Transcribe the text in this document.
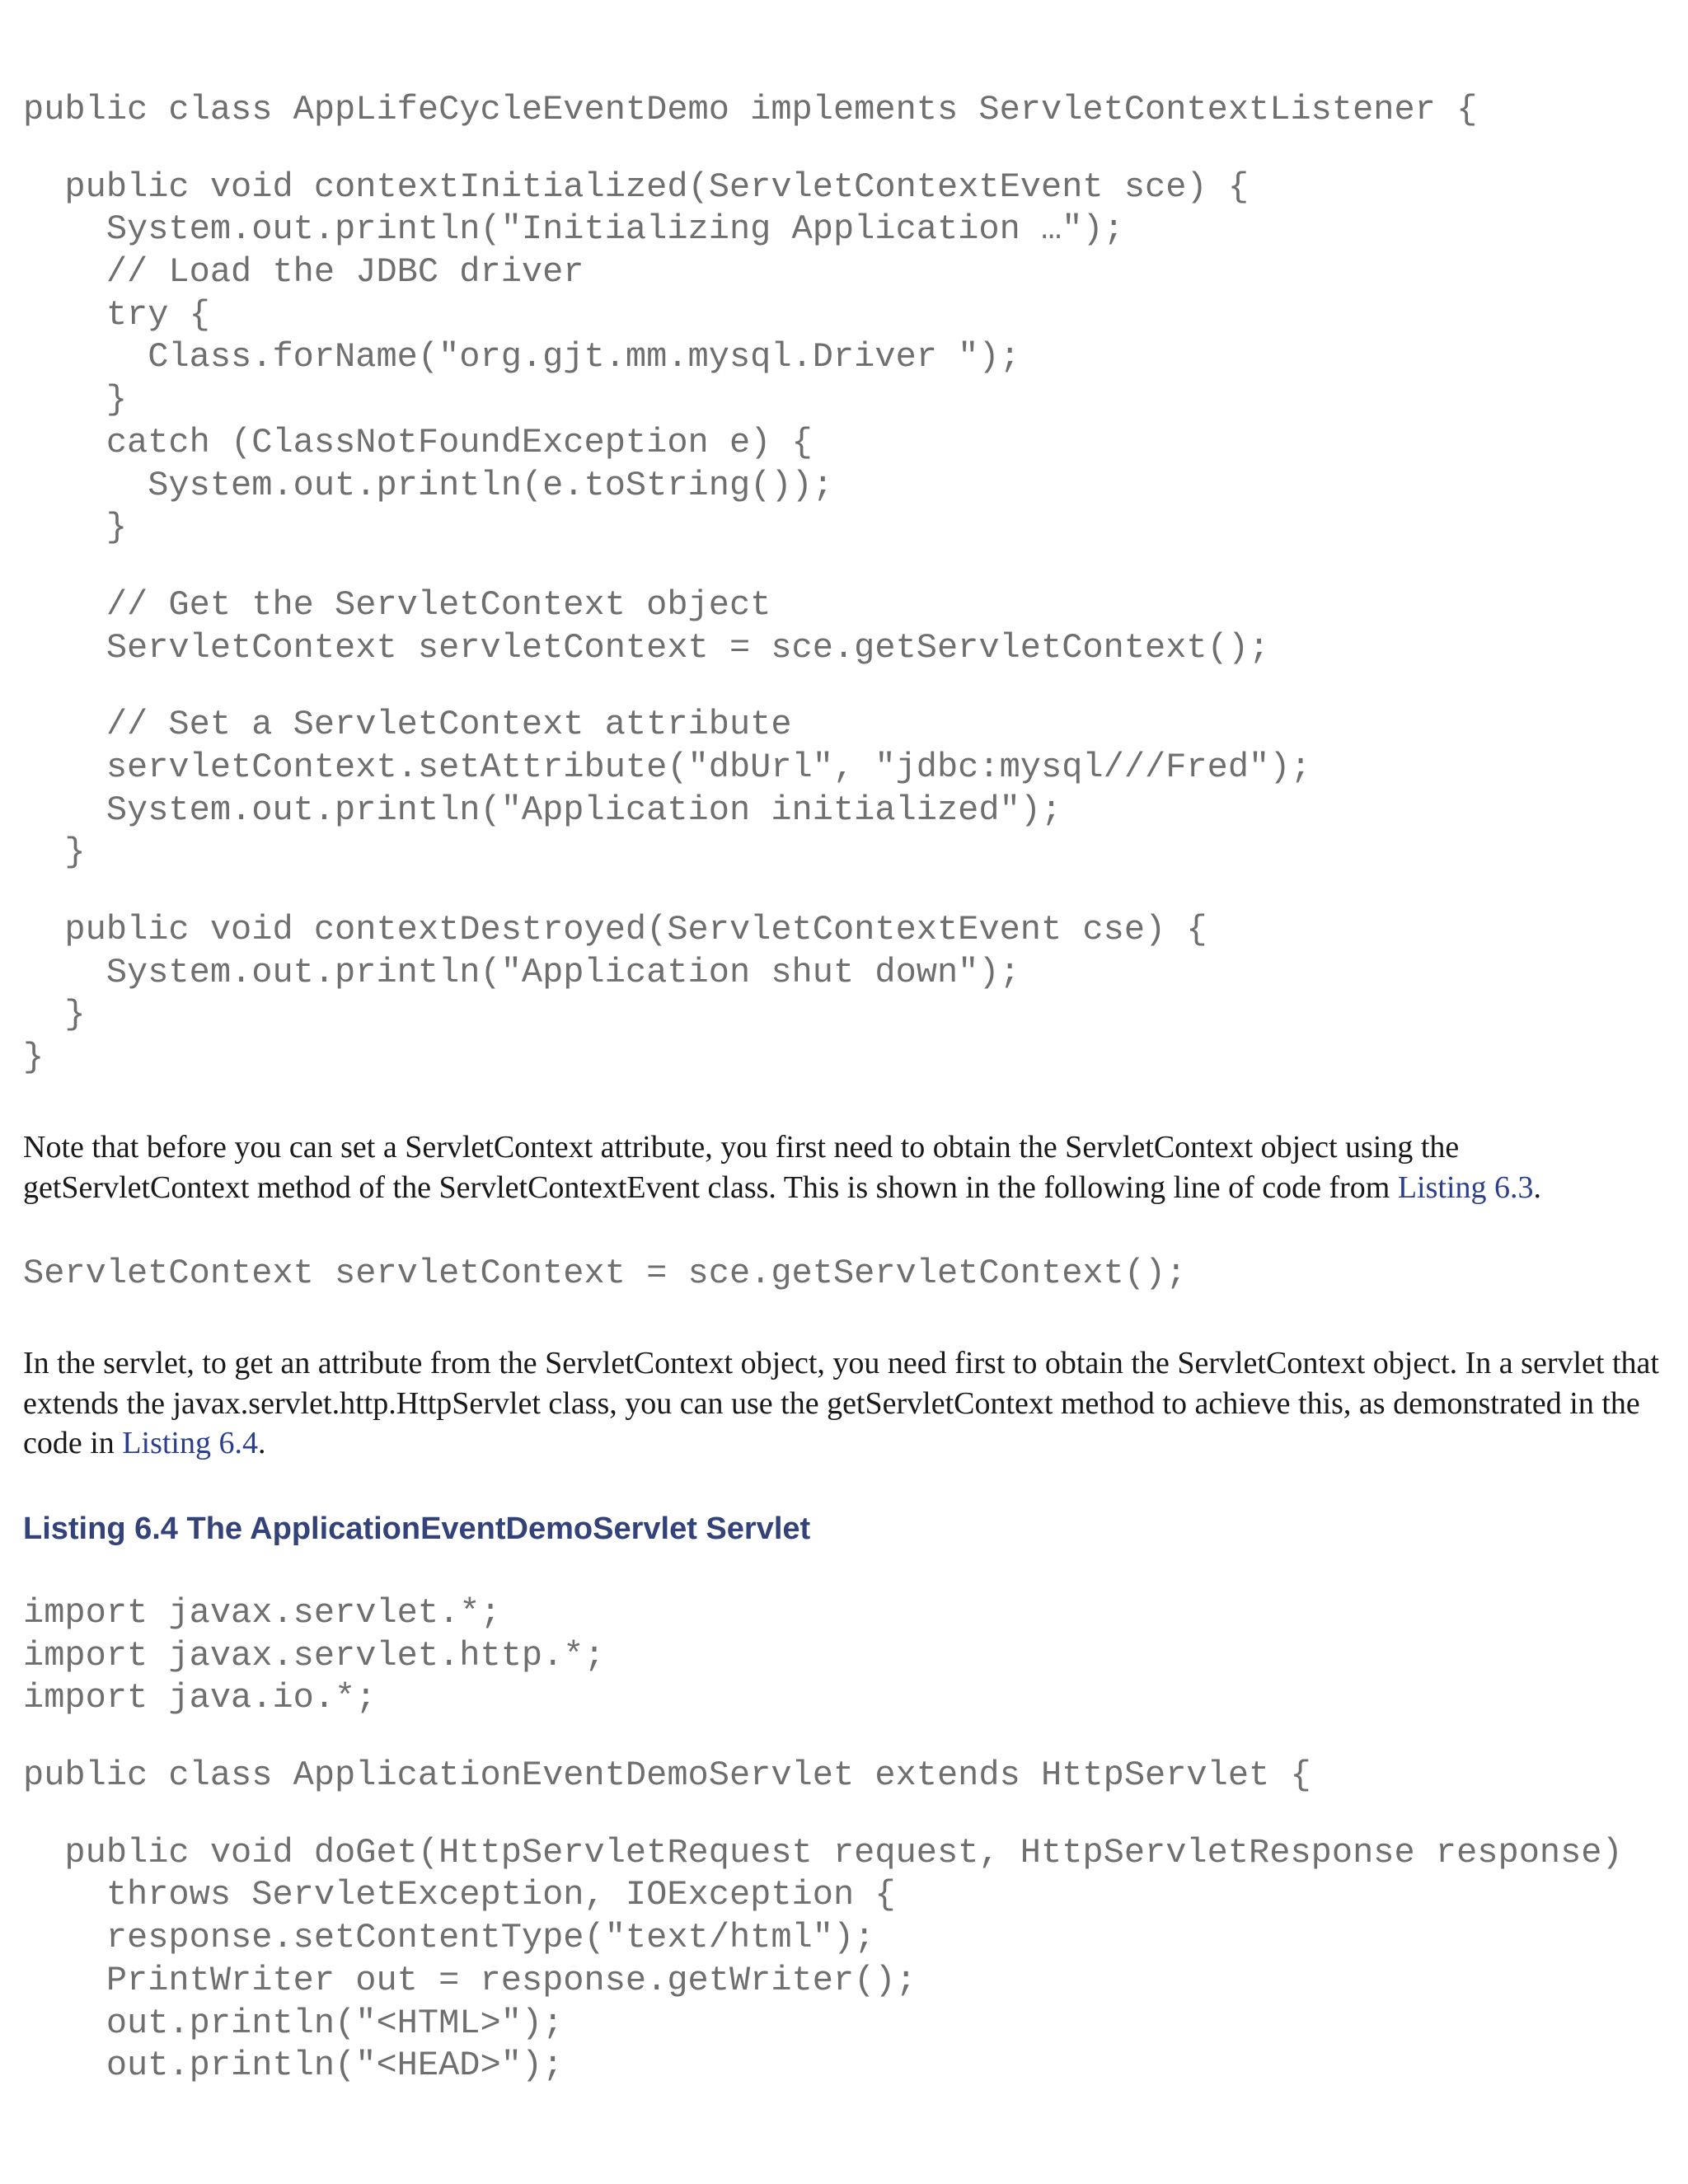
public class AppLifeCycleEventDemo implements ServletContextListener {
public void contextInitialized(ServletContextEvent sce) {
System.out.println("Initializing Application …");
// Load the JDBC driver
try {
Class.forName("org.gjt.mm.mysql.Driver ");
}
catch (ClassNotFoundException e) {
System.out.println(e.toString());
}
// Get the ServletContext object
ServletContext servletContext = sce.getServletContext();
// Set a ServletContext attribute
servletContext.setAttribute("dbUrl", "jdbc:mysql///Fred");
System.out.println("Application initialized");
}
public void contextDestroyed(ServletContextEvent cse) {
System.out.println("Application shut down");
}
}

Note that before you can set a ServletContext attribute, you first need to obtain the ServletContext object using the getServletContext method of the ServletContextEvent class. This is shown in the following line of code from Listing 6.3.

ServletContext servletContext = sce.getServletContext();

In the servlet, to get an attribute from the ServletContext object, you need first to obtain the ServletContext object. In a servlet that extends the javax.servlet.http.HttpServlet class, you can use the getServletContext method to achieve this, as demonstrated in the code in Listing 6.4.

Listing 6.4 The ApplicationEventDemoServlet Servlet
import javax.servlet.*;
import javax.servlet.http.*;
import java.io.*;
public class ApplicationEventDemoServlet extends HttpServlet {
public void doGet(HttpServletRequest request, HttpServletResponse response)
throws ServletException, IOException {
response.setContentType("text/html");
PrintWriter out = response.getWriter();
out.println("<HTML>");
out.println("<HEAD>");
